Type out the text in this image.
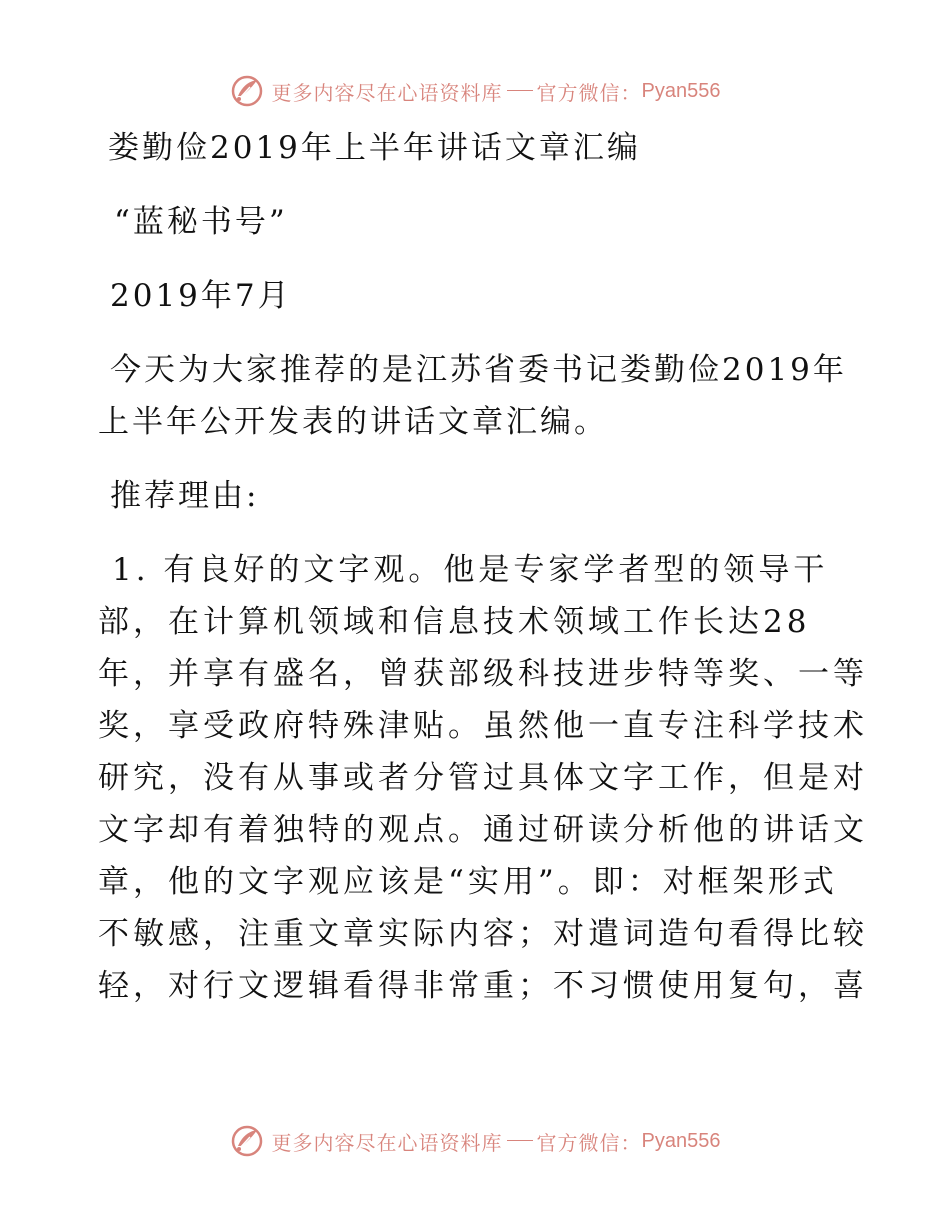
更多内容尽在心语资料库 官方微信： Pyan556
娄勤俭2019年上半年讲话文章汇编
“蓝秘书号”
2019年7月
今天为大家推荐的是江苏省委书记娄勤俭2019年
上半年公开发表的讲话文章汇编。
推荐理由:
1. 有良好的文字观。他是专家学者型的领导干
部，在计算机领域和信息技术领域工作长达28
年，并享有盛名，曾获部级科技进步特等奖、一等
奖，享受政府特殊津贴。虽然他一直专注科学技术
研究，没有从事或者分管过具体文字工作，但是对
文字却有着独特的观点。通过研读分析他的讲话文
章，他的文字观应该是“实用”。即：对框架形式
不敏感，注重文章实际内容；对遣词造句看得比较
轻，对行文逻辑看得非常重；不习惯使用复句，喜
更多内容尽在心语资料库 官方微信： Pyan556
